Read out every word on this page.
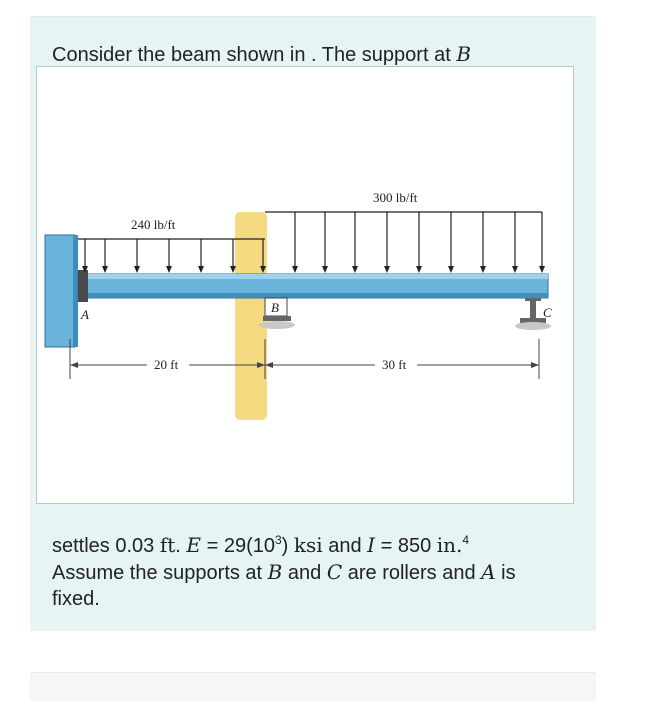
Consider the beam shown in . The support at B
240 lb/ft
300 lb/ft
A	B	C
20 ft	30 ft
settles 0.03 ft. $E = 29(10^3)$ ksi and I = 850 in.$^4$
Assume the supports at B and C are rollers and A is
fixed.
